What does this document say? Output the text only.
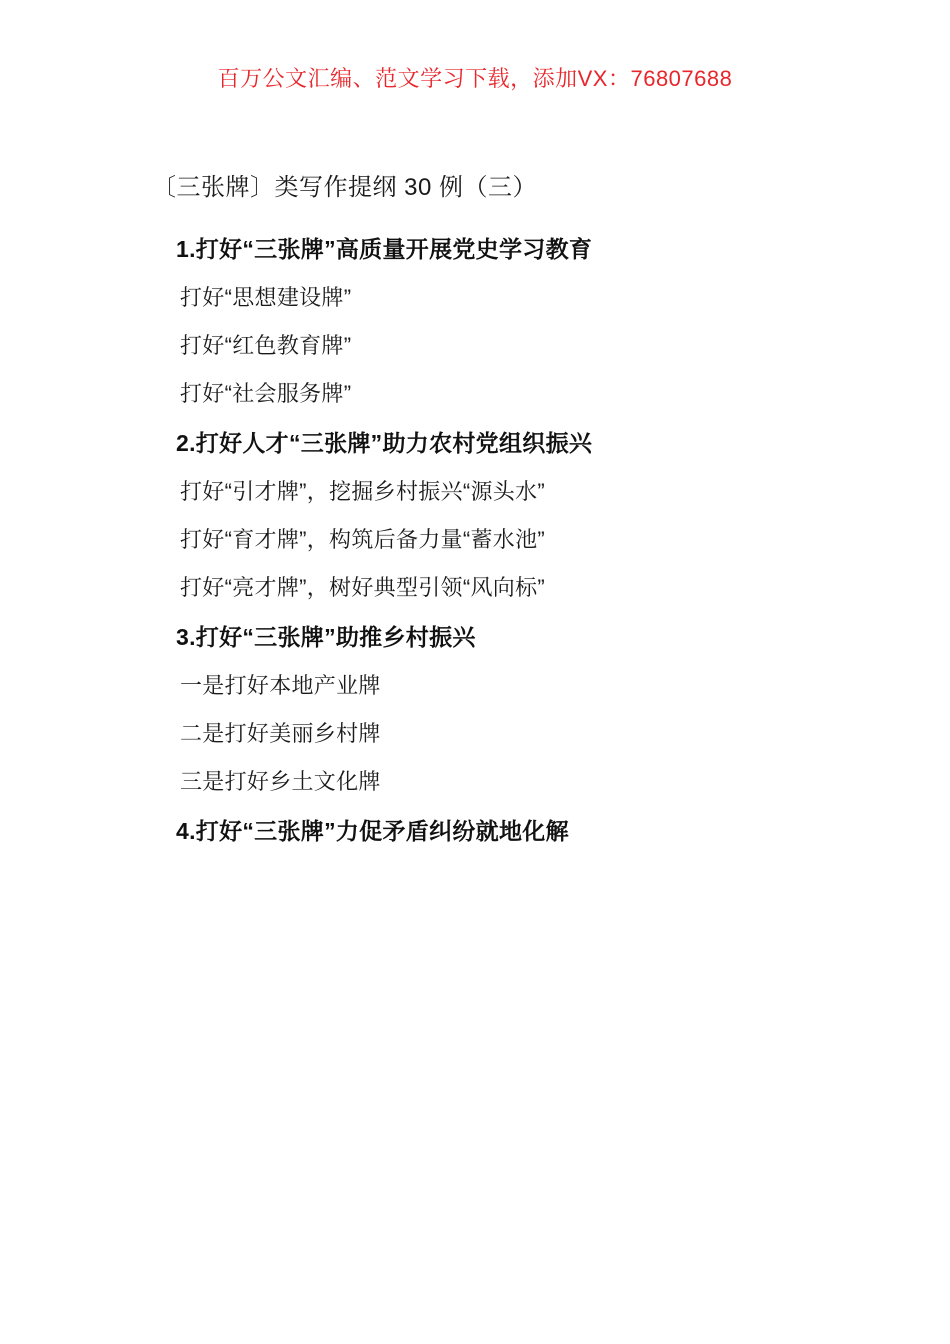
百万公文汇编、范文学习下载，添加VX：76807688
〔三张牌〕类写作提纲 30 例（三）
1.打好“三张牌”高质量开展党史学习教育
打好“思想建设牌”
打好“红色教育牌”
打好“社会服务牌”
2.打好人才“三张牌”助力农村党组织振兴
打好“引才牌”，挖掘乡村振兴“源头水”
打好“育才牌”，构筑后备力量“蓄水池”
打好“亮才牌”，树好典型引领“风向标”
3.打好“三张牌”助推乡村振兴
一是打好本地产业牌
二是打好美丽乡村牌
三是打好乡土文化牌
4.打好“三张牌”力促矛盾纠纷就地化解
